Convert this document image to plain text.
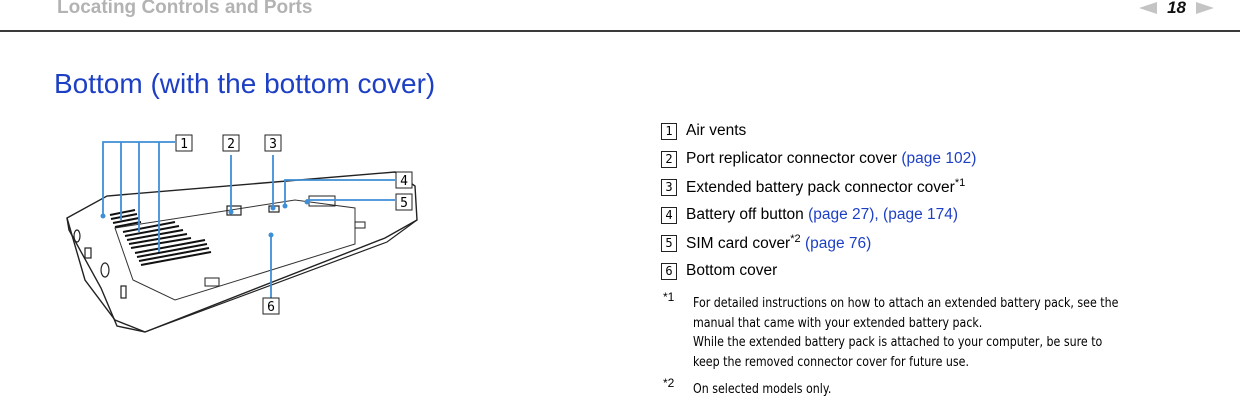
Locating Controls and Ports	18
Bottom (with the bottom cover)
1	2	3
4
5
6
1 Air vents
2 Port replicator connector cover (page 102)
3 Extended battery pack connector cover$^{*1}$
4 Battery off button (page 27), (page 174)
5 SIM card cover$^{*2}$ (page 76)
6 Bottom cover
*1 For detailed instructions on how to attach an extended battery pack, see the
manual that came with your extended battery pack.
While the extended battery pack is attached to your computer, be sure to
keep the removed connector cover for future use.
*2 On selected models only.
